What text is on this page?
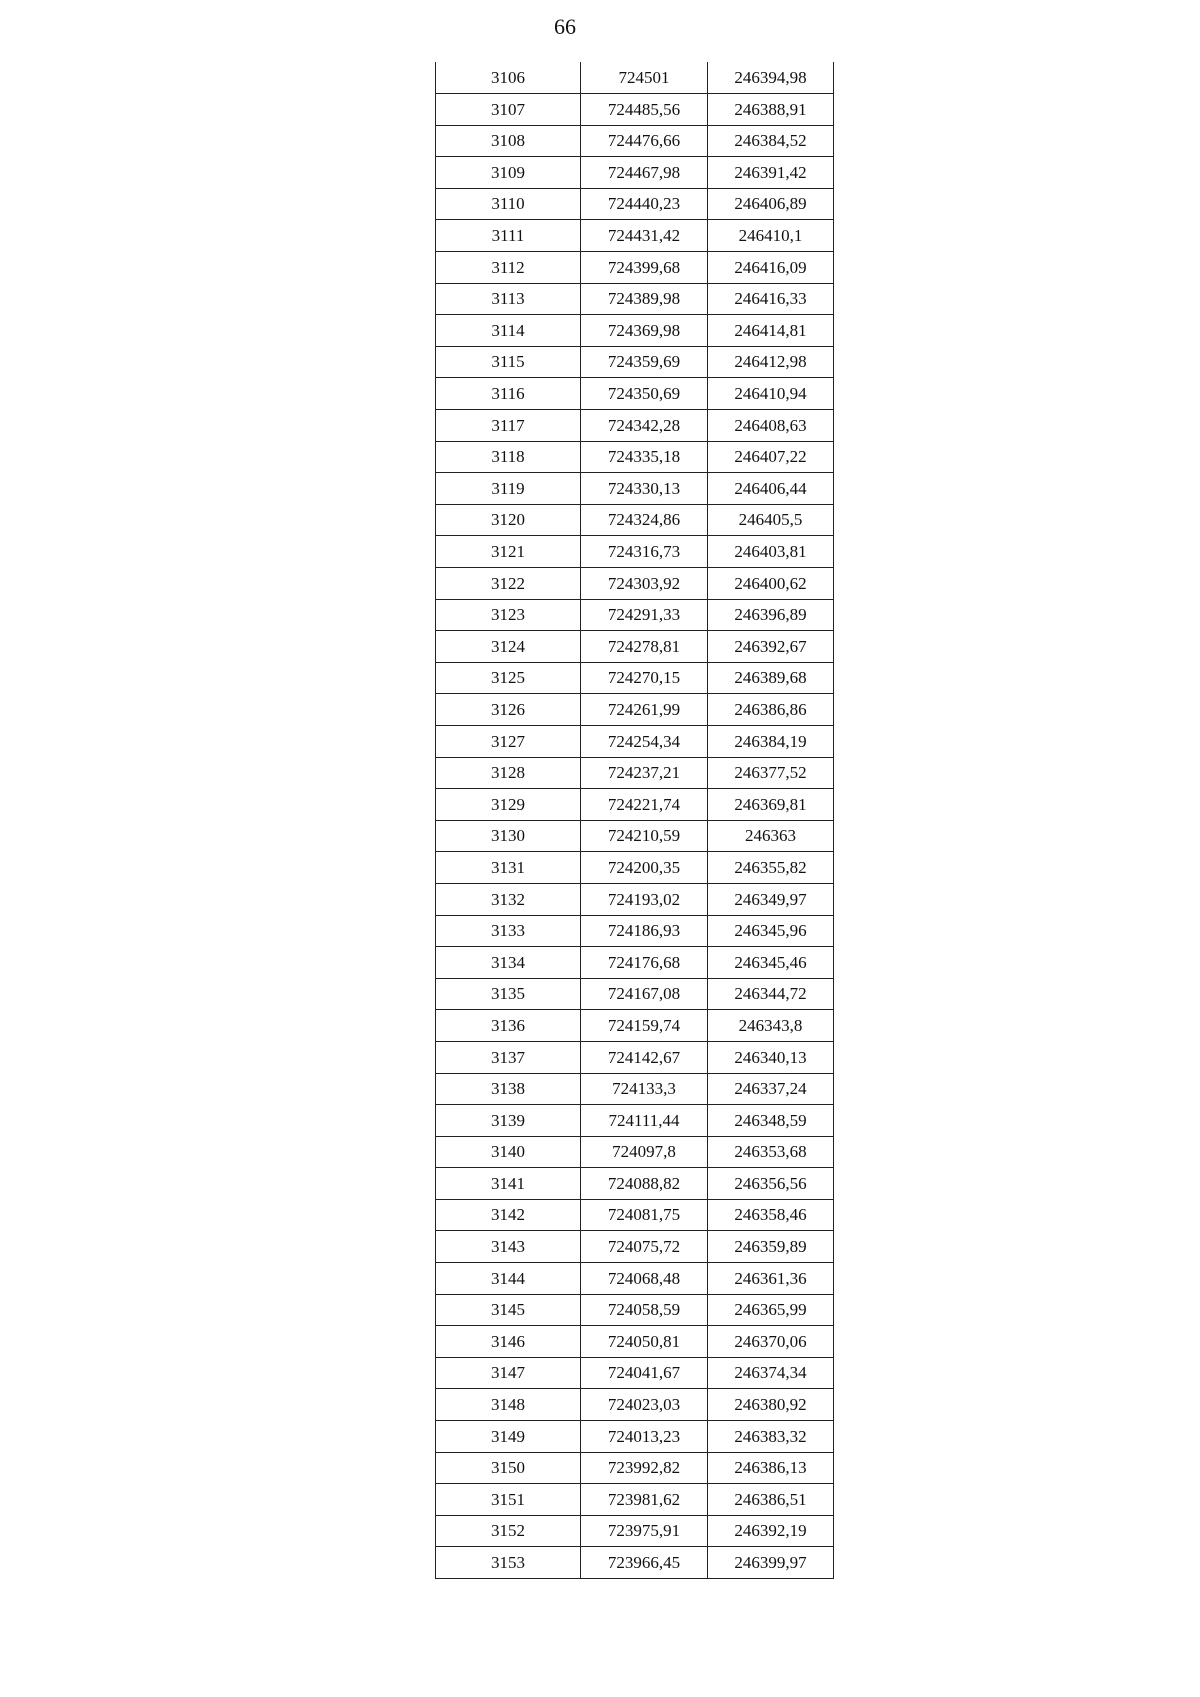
66
3106	724501	246394,98
3107	724485,56	246388,91
3108	724476,66	246384,52
3109	724467,98	246391,42
3110	724440,23	246406,89
3111	724431,42	246410,1
3112	724399,68	246416,09
3113	724389,98	246416,33
3114	724369,98	246414,81
3115	724359,69	246412,98
3116	724350,69	246410,94
3117	724342,28	246408,63
3118	724335,18	246407,22
3119	724330,13	246406,44
3120	724324,86	246405,5
3121	724316,73	246403,81
3122	724303,92	246400,62
3123	724291,33	246396,89
3124	724278,81	246392,67
3125	724270,15	246389,68
3126	724261,99	246386,86
3127	724254,34	246384,19
3128	724237,21	246377,52
3129	724221,74	246369,81
3130	724210,59	246363
3131	724200,35	246355,82
3132	724193,02	246349,97
3133	724186,93	246345,96
3134	724176,68	246345,46
3135	724167,08	246344,72
3136	724159,74	246343,8
3137	724142,67	246340,13
3138	724133,3	246337,24
3139	724111,44	246348,59
3140	724097,8	246353,68
3141	724088,82	246356,56
3142	724081,75	246358,46
3143	724075,72	246359,89
3144	724068,48	246361,36
3145	724058,59	246365,99
3146	724050,81	246370,06
3147	724041,67	246374,34
3148	724023,03	246380,92
3149	724013,23	246383,32
3150	723992,82	246386,13
3151	723981,62	246386,51
3152	723975,91	246392,19
3153	723966,45	246399,97
